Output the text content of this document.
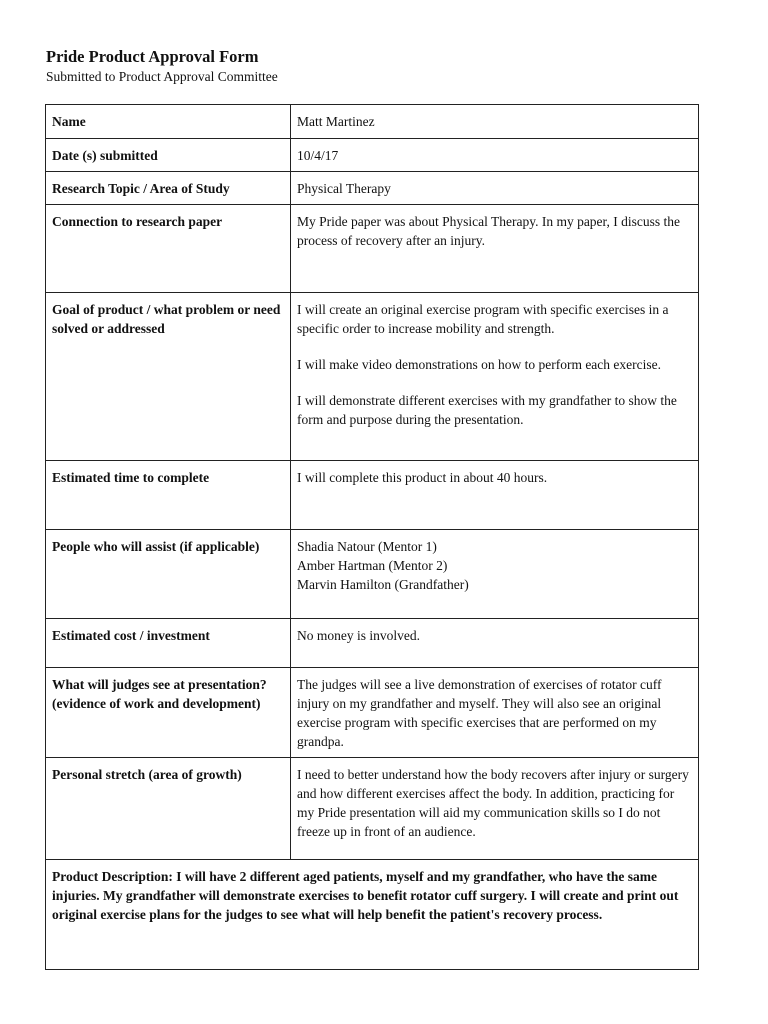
Pride Product Approval Form
Submitted to Product Approval Committee
Name	Matt Martinez

Date (s) submitted	10/4/17

Research Topic / Area of Study	Physical Therapy

Connection to research paper	My Pride paper was about Physical Therapy. In my paper, I discuss the process of recovery after an injury.

Goal of product / what problem or need solved or addressed	I will create an original exercise program with specific exercises in a specific order to increase mobility and strength.

I will make video demonstrations on how to perform each exercise.

I will demonstrate different exercises with my grandfather to show the form and purpose during the presentation.

Estimated time to complete	I will complete this product in about 40 hours.

People who will assist (if applicable)	Shadia Natour (Mentor 1)
Amber Hartman (Mentor 2)
Marvin Hamilton (Grandfather)

Estimated cost / investment	No money is involved.

What will judges see at presentation? (evidence of work and development)	The judges will see a live demonstration of exercises of rotator cuff injury on my grandfather and myself. They will also see an original exercise program with specific exercises that are performed on my grandpa.

Personal stretch (area of growth)	I need to better understand how the body recovers after injury or surgery and how different exercises affect the body. In addition, practicing for my Pride presentation will aid my communication skills so I do not freeze up in front of an audience.

Product Description: I will have 2 different aged patients, myself and my grandfather, who have the same injuries. My grandfather will demonstrate exercises to benefit rotator cuff surgery. I will create and print out original exercise plans for the judges to see what will help benefit the patient's recovery process.	
